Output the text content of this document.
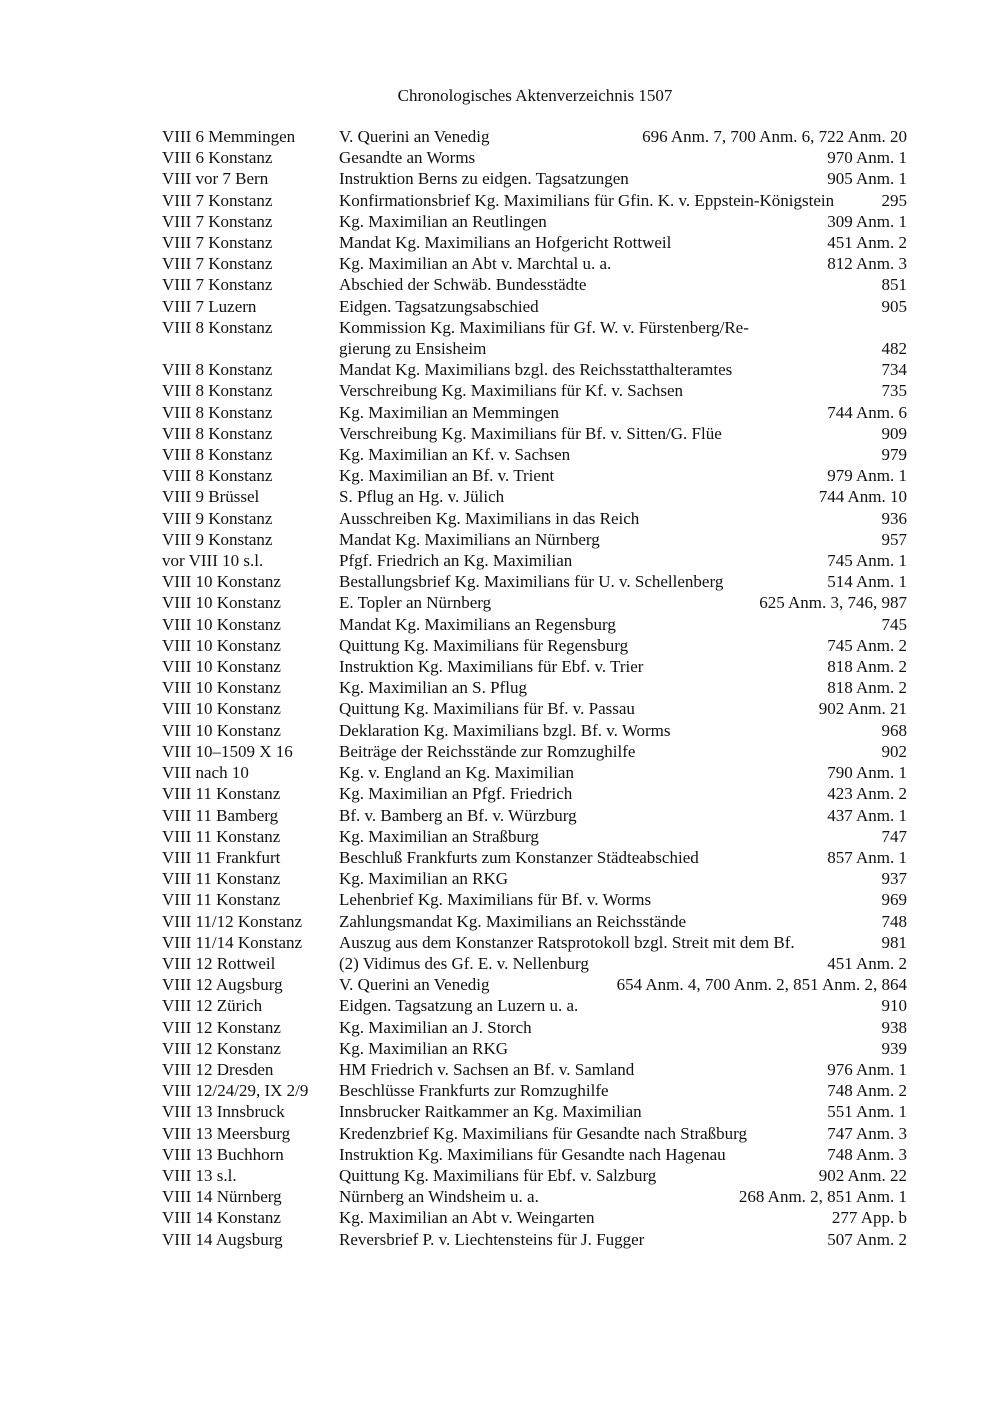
Chronologisches Aktenverzeichnis 1507
VIII 6 Memmingen	V. Querini an Venedig	696 Anm. 7, 700 Anm. 6, 722 Anm. 20
VIII 6 Konstanz	Gesandte an Worms	970 Anm. 1
VIII vor 7 Bern	Instruktion Berns zu eidgen. Tagsatzungen	905 Anm. 1
VIII 7 Konstanz	Konfirmationsbrief Kg. Maximilians für Gfin. K. v. Eppstein-Königstein	295
VIII 7 Konstanz	Kg. Maximilian an Reutlingen	309 Anm. 1
VIII 7 Konstanz	Mandat Kg. Maximilians an Hofgericht Rottweil	451 Anm. 2
VIII 7 Konstanz	Kg. Maximilian an Abt v. Marchtal u. a.	812 Anm. 3
VIII 7 Konstanz	Abschied der Schwäb. Bundesstädte	851
VIII 7 Luzern	Eidgen. Tagsatzungsabschied	905
VIII 8 Konstanz	Kommission Kg. Maximilians für Gf. W. v. Fürstenberg/Re-
gierung zu Ensisheim	482
VIII 8 Konstanz	Mandat Kg. Maximilians bzgl. des Reichsstatthalteramtes	734
VIII 8 Konstanz	Verschreibung Kg. Maximilians für Kf. v. Sachsen	735
VIII 8 Konstanz	Kg. Maximilian an Memmingen	744 Anm. 6
VIII 8 Konstanz	Verschreibung Kg. Maximilians für Bf. v. Sitten/G. Flüe	909
VIII 8 Konstanz	Kg. Maximilian an Kf. v. Sachsen	979
VIII 8 Konstanz	Kg. Maximilian an Bf. v. Trient	979 Anm. 1
VIII 9 Brüssel	S. Pflug an Hg. v. Jülich	744 Anm. 10
VIII 9 Konstanz	Ausschreiben Kg. Maximilians in das Reich	936
VIII 9 Konstanz	Mandat Kg. Maximilians an Nürnberg	957
vor VIII 10 s.l.	Pfgf. Friedrich an Kg. Maximilian	745 Anm. 1
VIII 10 Konstanz	Bestallungsbrief Kg. Maximilians für U. v. Schellenberg	514 Anm. 1
VIII 10 Konstanz	E. Topler an Nürnberg	625 Anm. 3, 746, 987
VIII 10 Konstanz	Mandat Kg. Maximilians an Regensburg	745
VIII 10 Konstanz	Quittung Kg. Maximilians für Regensburg	745 Anm. 2
VIII 10 Konstanz	Instruktion Kg. Maximilians für Ebf. v. Trier	818 Anm. 2
VIII 10 Konstanz	Kg. Maximilian an S. Pflug	818 Anm. 2
VIII 10 Konstanz	Quittung Kg. Maximilians für Bf. v. Passau	902 Anm. 21
VIII 10 Konstanz	Deklaration Kg. Maximilians bzgl. Bf. v. Worms	968
VIII 10–1509 X 16	Beiträge der Reichsstände zur Romzughilfe	902
VIII nach 10	Kg. v. England an Kg. Maximilian	790 Anm. 1
VIII 11 Konstanz	Kg. Maximilian an Pfgf. Friedrich	423 Anm. 2
VIII 11 Bamberg	Bf. v. Bamberg an Bf. v. Würzburg	437 Anm. 1
VIII 11 Konstanz	Kg. Maximilian an Straßburg	747
VIII 11 Frankfurt	Beschluß Frankfurts zum Konstanzer Städteabschied	857 Anm. 1
VIII 11 Konstanz	Kg. Maximilian an RKG	937
VIII 11 Konstanz	Lehenbrief Kg. Maximilians für Bf. v. Worms	969
VIII 11/12 Konstanz	Zahlungsmandat Kg. Maximilians an Reichsstände	748
VIII 11/14 Konstanz	Auszug aus dem Konstanzer Ratsprotokoll bzgl. Streit mit dem Bf.	981
VIII 12 Rottweil	(2) Vidimus des Gf. E. v. Nellenburg	451 Anm. 2
VIII 12 Augsburg	V. Querini an Venedig	654 Anm. 4, 700 Anm. 2, 851 Anm. 2, 864
VIII 12 Zürich	Eidgen. Tagsatzung an Luzern u. a.	910
VIII 12 Konstanz	Kg. Maximilian an J. Storch	938
VIII 12 Konstanz	Kg. Maximilian an RKG	939
VIII 12 Dresden	HM Friedrich v. Sachsen an Bf. v. Samland	976 Anm. 1
VIII 12/24/29, IX 2/9	Beschlüsse Frankfurts zur Romzughilfe	748 Anm. 2
VIII 13 Innsbruck	Innsbrucker Raitkammer an Kg. Maximilian	551 Anm. 1
VIII 13 Meersburg	Kredenzbrief Kg. Maximilians für Gesandte nach Straßburg	747 Anm. 3
VIII 13 Buchhorn	Instruktion Kg. Maximilians für Gesandte nach Hagenau	748 Anm. 3
VIII 13 s.l.	Quittung Kg. Maximilians für Ebf. v. Salzburg	902 Anm. 22
VIII 14 Nürnberg	Nürnberg an Windsheim u. a.	268 Anm. 2, 851 Anm. 1
VIII 14 Konstanz	Kg. Maximilian an Abt v. Weingarten	277 App. b
VIII 14 Augsburg	Reversbrief P. v. Liechtensteins für J. Fugger	507 Anm. 2
